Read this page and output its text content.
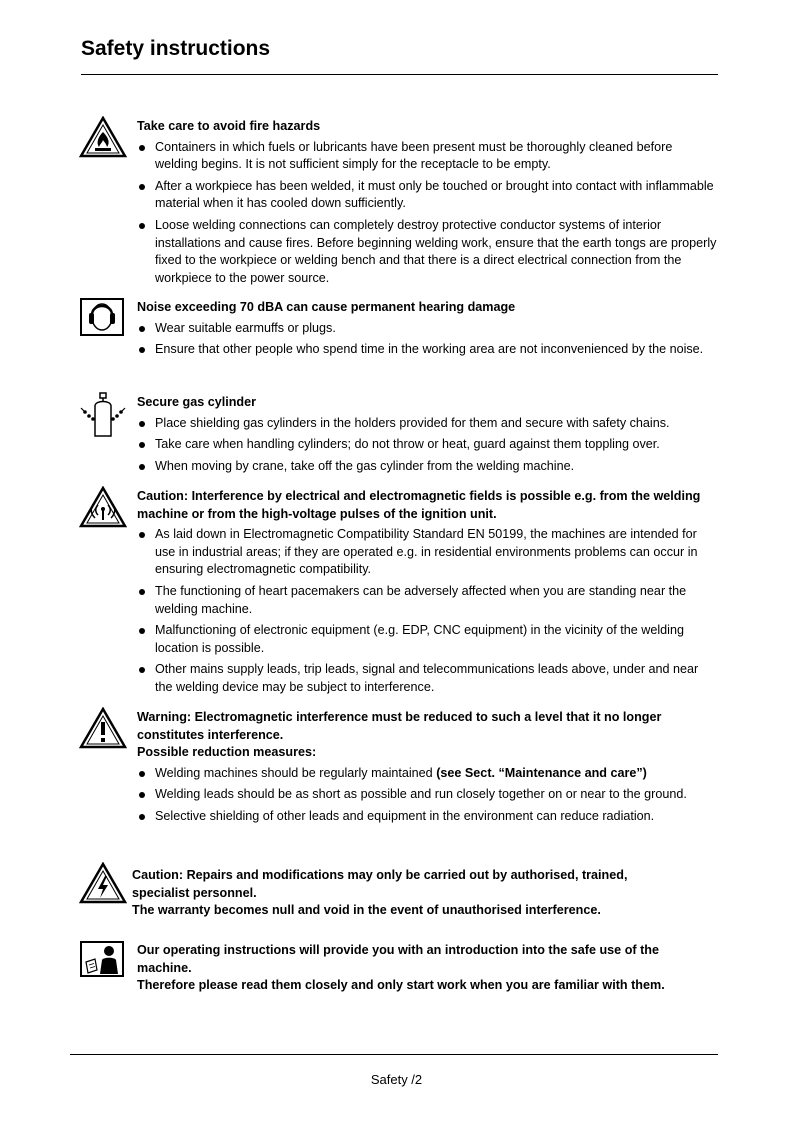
Safety instructions

Take care to avoid fire hazards

Containers in which fuels or lubricants have been present must be thoroughly cleaned before welding begins. It is not sufficient simply for the receptacle to be empty.
After a workpiece has been welded, it must only be touched or brought into contact with inflammable material when it has cooled down sufficiently.
Loose welding connections can completely destroy protective conductor systems of interior installations and cause fires. Before beginning welding work, ensure that the earth tongs are properly fixed to the workpiece or welding bench and that there is a direct electrical connection from the workpiece to the power source.

Noise exceeding 70 dBA can cause permanent hearing damage

Wear suitable earmuffs or plugs.
Ensure that other people who spend time in the working area are not inconvenienced by the noise.

Secure gas cylinder

Place shielding gas cylinders in the holders provided for them and secure with safety chains.
Take care when handling cylinders; do not throw or heat, guard against them toppling over.
When moving by crane, take off the gas cylinder from the welding machine.

Caution: Interference by electrical and electromagnetic fields is possible e.g. from the welding machine or from the high-voltage pulses of the ignition unit.

As laid down in Electromagnetic Compatibility Standard EN 50199, the machines are intended for use in industrial areas; if they are operated e.g. in residential environments problems can occur in ensuring electromagnetic compatibility.
The functioning of heart pacemakers can be adversely affected when you are standing near the welding machine.
Malfunctioning of electronic equipment (e.g. EDP, CNC equipment) in the vicinity of the welding location is possible.
Other mains supply leads, trip leads, signal and telecommunications leads above, under and near the welding device may be subject to interference.

Warning: Electromagnetic interference must be reduced to such a level that it no longer constitutes interference.

Possible reduction measures:

Welding machines should be regularly maintained (see Sect. “Maintenance and care”)
Welding leads should be as short as possible and run closely together on or near to the ground.
Selective shielding of other leads and equipment in the environment can reduce radiation.

Caution: Repairs and modifications may only be carried out by authorised, trained, specialist personnel.

The warranty becomes null and void in the event of unauthorised interference.

Our operating instructions will provide you with an introduction into the safe use of the machine.

Therefore please read them closely and only start work when you are familiar with them.

Safety /2
